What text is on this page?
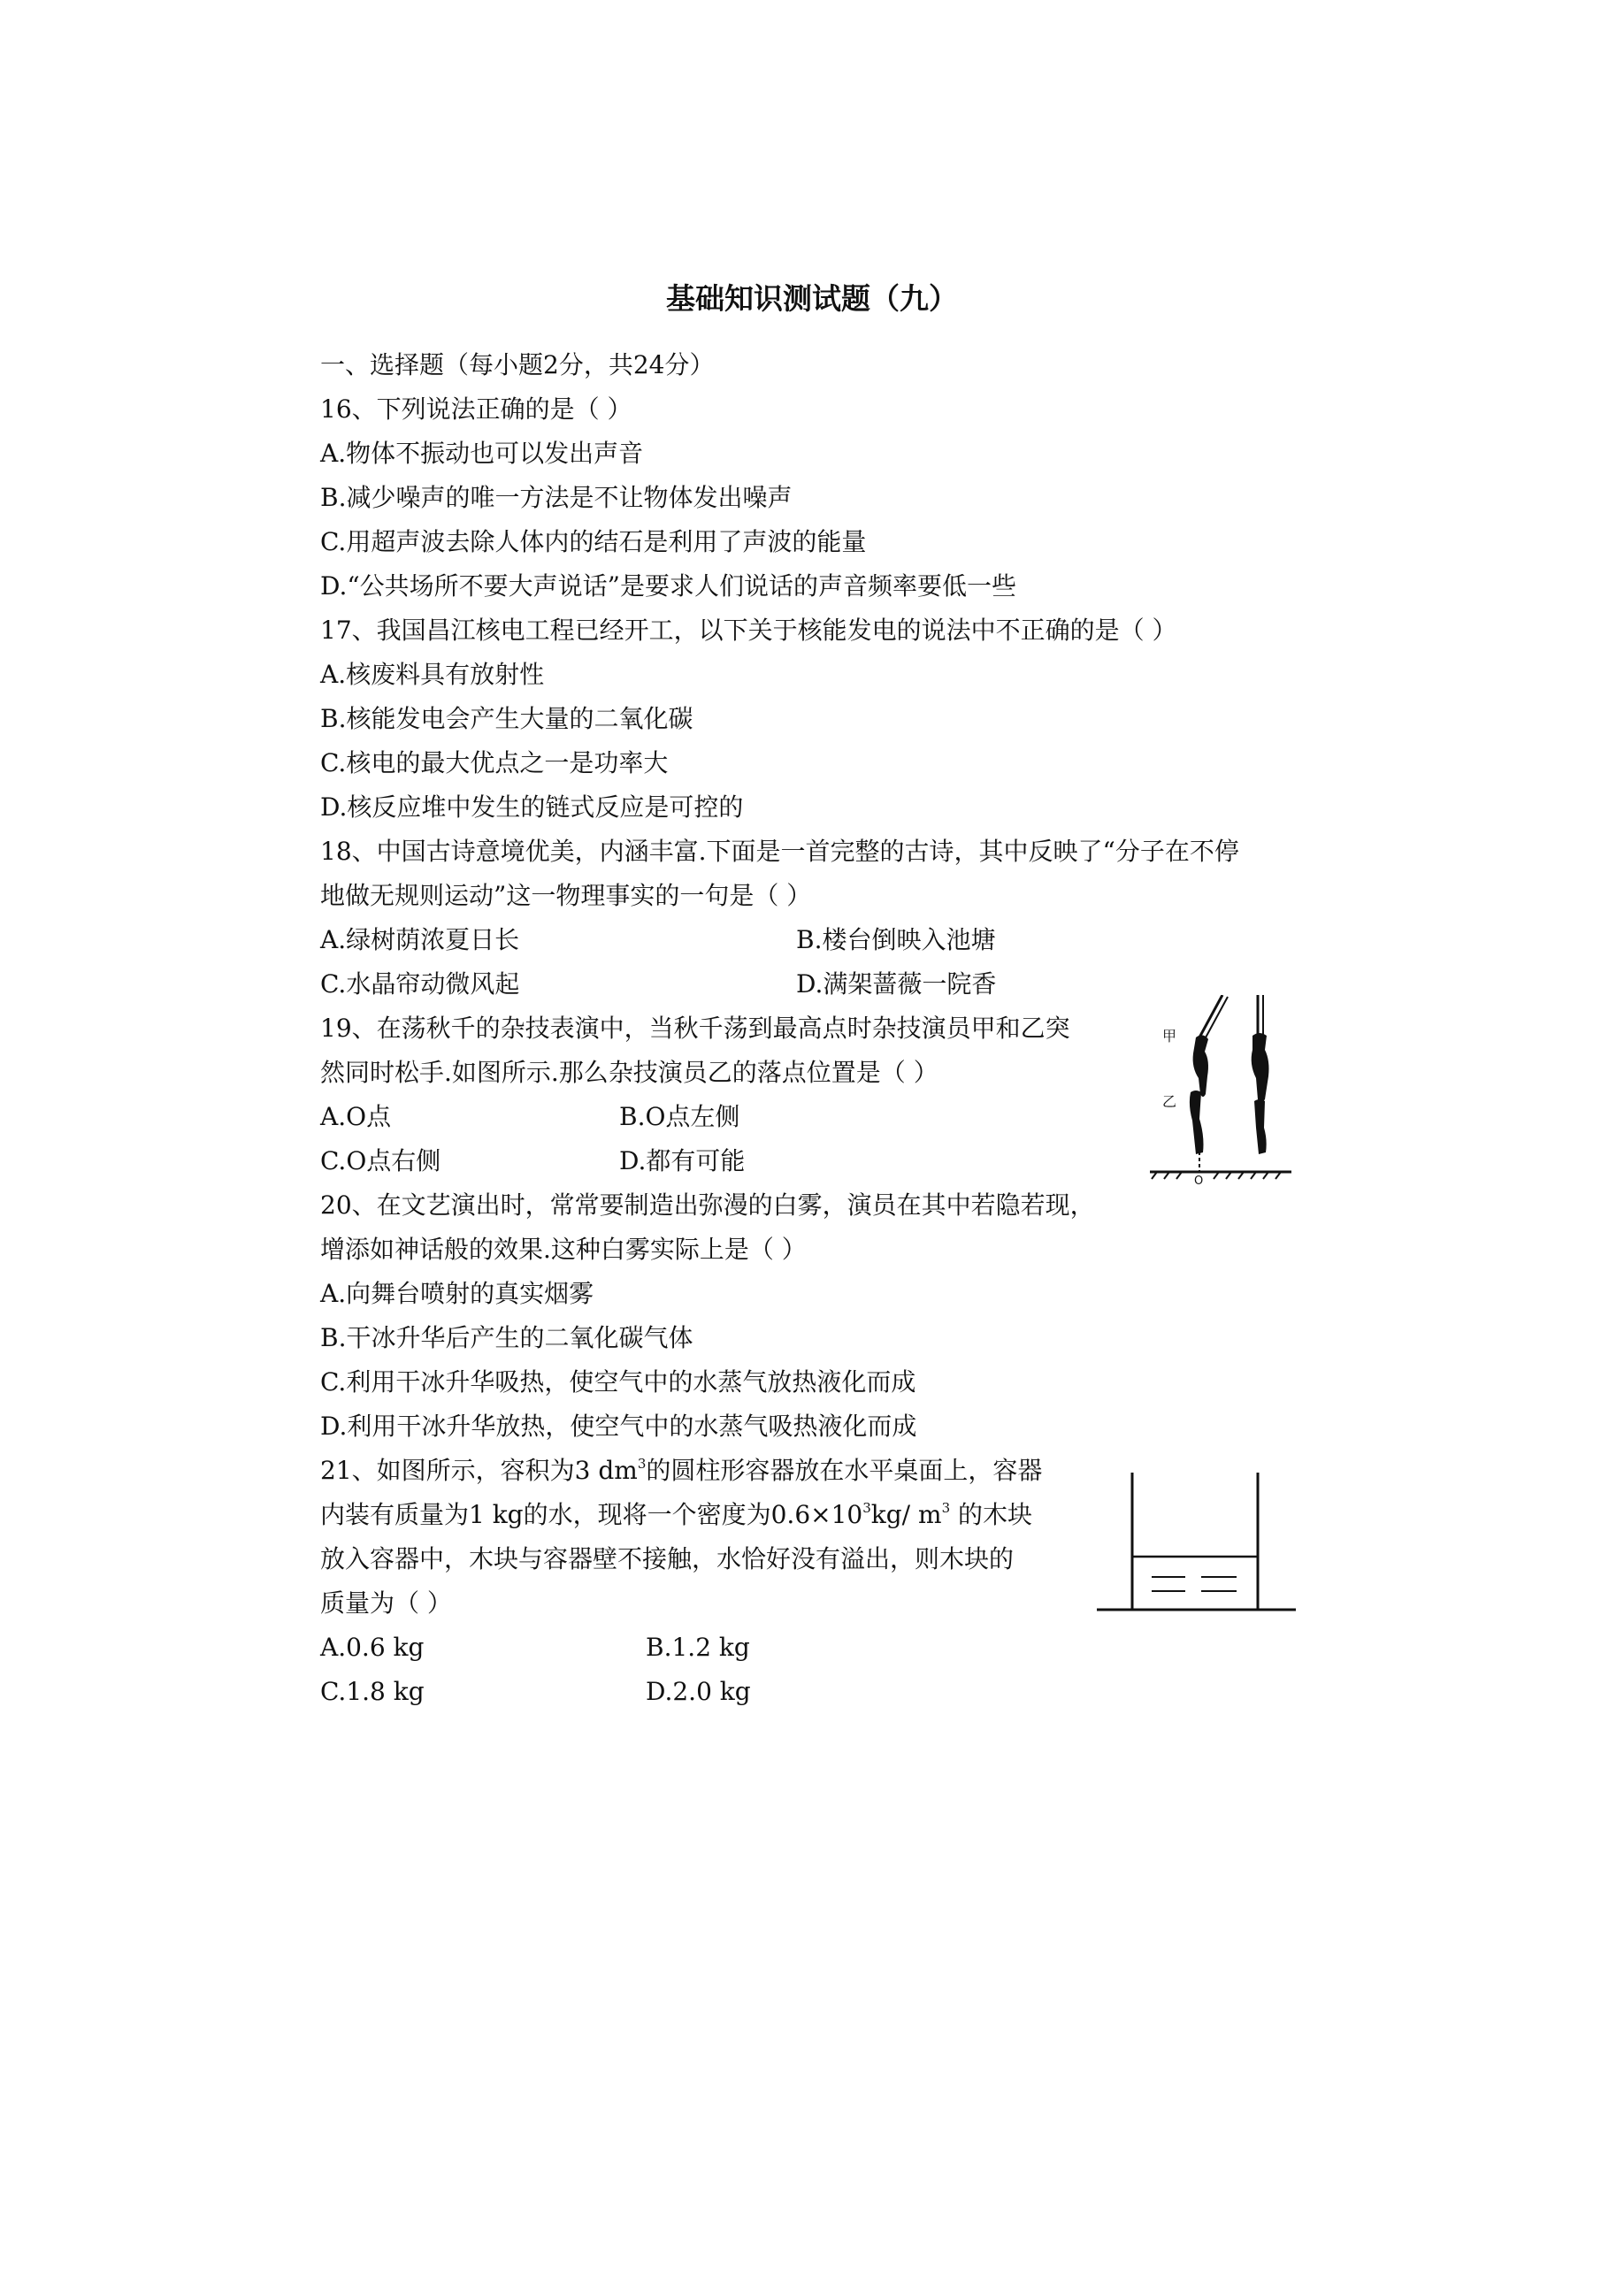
基础知识测试题（九）
一、选择题（每小题2分，共24分）
16、下列说法正确的是（ ）
A.物体不振动也可以发出声音
B.减少噪声的唯一方法是不让物体发出噪声
C.用超声波去除人体内的结石是利用了声波的能量
D.“公共场所不要大声说话”是要求人们说话的声音频率要低一些
17、我国昌江核电工程已经开工，以下关于核能发电的说法中不正确的是（ ）
A.核废料具有放射性
B.核能发电会产生大量的二氧化碳
C.核电的最大优点之一是功率大
D.核反应堆中发生的链式反应是可控的
18、中国古诗意境优美，内涵丰富.下面是一首完整的古诗，其中反映了“分子在不停
地做无规则运动”这一物理事实的一句是（ ）
A.绿树荫浓夏日长	B.楼台倒映入池塘
C.水晶帘动微风起	D.满架蔷薇一院香
19、在荡秋千的杂技表演中，当秋千荡到最高点时杂技演员甲和乙突
然同时松手.如图所示.那么杂技演员乙的落点位置是（ ）
A.O点	B.O点左侧
C.O点右侧	D.都有可能
甲
乙
O
20、在文艺演出时，常常要制造出弥漫的白雾，演员在其中若隐若现，
增添如神话般的效果.这种白雾实际上是（ ）
A.向舞台喷射的真实烟雾
B.干冰升华后产生的二氧化碳气体
C.利用干冰升华吸热，使空气中的水蒸气放热液化而成
D.利用干冰升华放热，使空气中的水蒸气吸热液化而成
21、如图所示，容积为3 $dm^3$的圆柱形容器放在水平桌面上，容器
内装有质量为1 kg的水，现将一个密度为$0.6\times 10^3kg/$ $m^3$ 的木块
放入容器中，木块与容器壁不接触，水恰好没有溢出，则木块的
质量为（ ）
A.0.6 kg	B.1.2 kg
C.1.8 kg	D.2.0 kg
